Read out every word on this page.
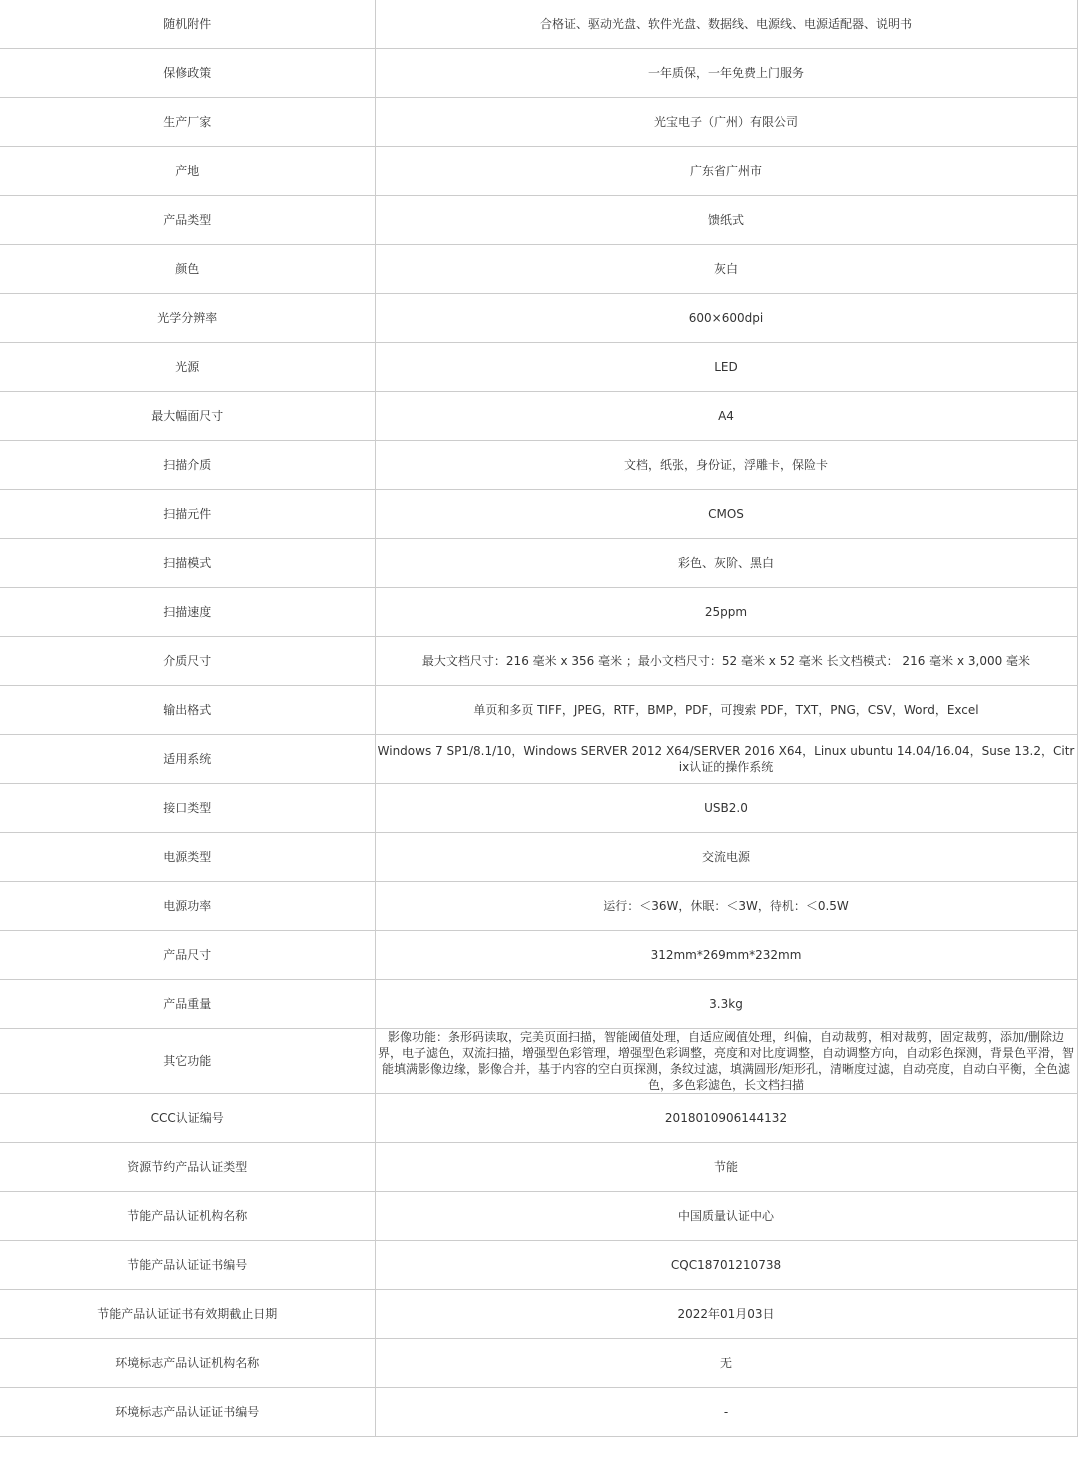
随机附件	合格证、驱动光盘、软件光盘、数据线、电源线、电源适配器、说明书
保修政策	一年质保，一年免费上门服务
生产厂家	光宝电子（广州）有限公司
产地	广东省广州市
产品类型	馈纸式
颜色	灰白
光学分辨率	600×600dpi
光源	LED
最大幅面尺寸	A4
扫描介质	文档，纸张，身份证，浮雕卡，保险卡
扫描元件	CMOS
扫描模式	彩色、灰阶、黑白
扫描速度	25ppm
介质尺寸	最大文档尺寸：216 毫米 x 356 毫米 ；最小文档尺寸：52 毫米 x 52 毫米 长文档模式： 216 毫米 x 3,000 毫米
输出格式	单页和多页 TIFF，JPEG，RTF，BMP，PDF，可搜索 PDF，TXT，PNG，CSV，Word，Excel
适用系统	Windows 7 SP1/8.1/10，Windows SERVER 2012 X64/SERVER 2016 X64，Linux ubuntu 14.04/16.04，Suse 13.2，Citrix认证的操作系统
接口类型	USB2.0
电源类型	交流电源
电源功率	运行：＜36W，休眠：＜3W，待机：＜0.5W
产品尺寸	312mm*269mm*232mm
产品重量	3.3kg
其它功能	影像功能：条形码读取，完美页面扫描，智能阈值处理，自适应阈值处理，纠偏，自动裁剪，相对裁剪，固定裁剪，添加/删除边界，电子滤色，双流扫描，增强型色彩管理，增强型色彩调整，亮度和对比度调整，自动调整方向，自动彩色探测，背景色平滑，智能填满影像边缘，影像合并，基于内容的空白页探测，条纹过滤，填满圆形/矩形孔，清晰度过滤，自动亮度，自动白平衡，全色滤色，多色彩滤色，长文档扫描
CCC认证编号	2018010906144132
资源节约产品认证类型	节能
节能产品认证机构名称	中国质量认证中心
节能产品认证证书编号	CQC18701210738
节能产品认证证书有效期截止日期	2022年01月03日
环境标志产品认证机构名称	无
环境标志产品认证证书编号	-
